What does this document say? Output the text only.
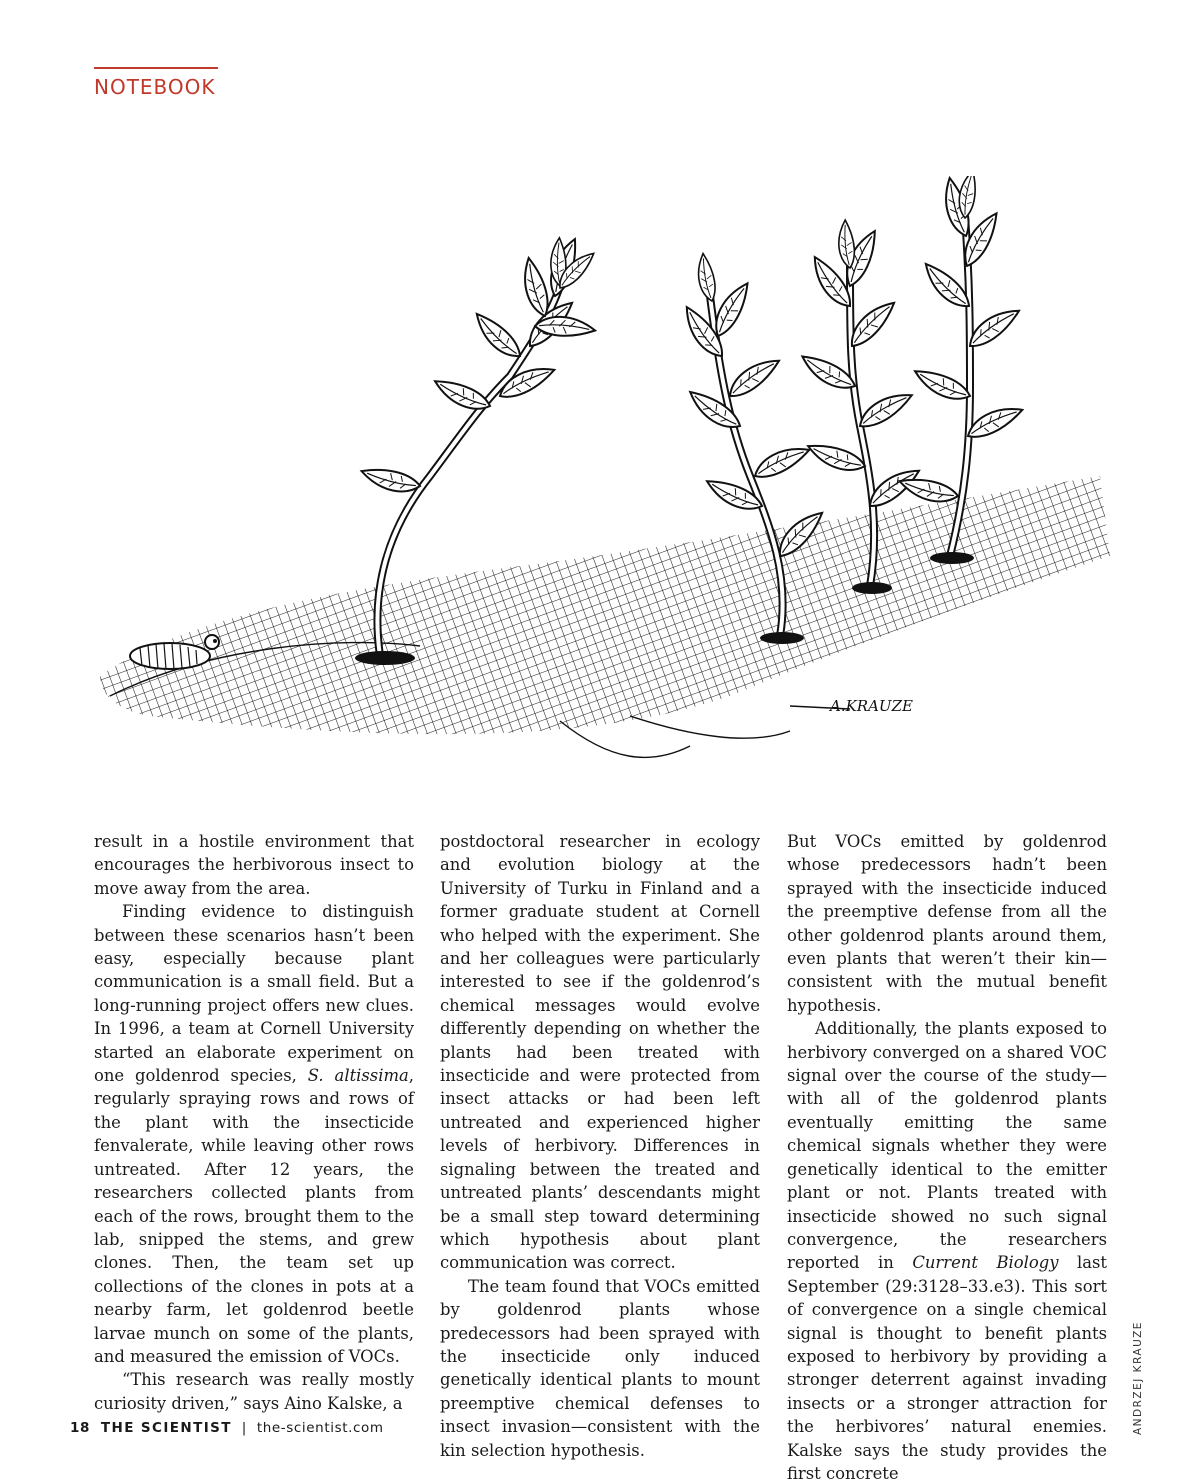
NOTEBOOK
A.KRAUZE

result in a hostile environment that encourages the herbivorous insect to move away from the area.

Finding evidence to distinguish between these scenarios hasn’t been easy, especially because plant communication is a small field. But a long-running project offers new clues. In 1996, a team at Cornell University started an elaborate experiment on one goldenrod species, S. altissima, regularly spraying rows and rows of the plant with the insecticide fenvalerate, while leaving other rows untreated. After 12 years, the researchers collected plants from each of the rows, brought them to the lab, snipped the stems, and grew clones. Then, the team set up collections of the clones in pots at a nearby farm, let goldenrod beetle larvae munch on some of the plants, and measured the emission of VOCs.

“This research was really mostly curiosity driven,” says Aino Kalske, a

postdoctoral researcher in ecology and evolution biology at the University of Turku in Finland and a former graduate student at Cornell who helped with the experiment. She and her colleagues were particularly interested to see if the goldenrod’s chemical messages would evolve differently depending on whether the plants had been treated with insecticide and were protected from insect attacks or had been left untreated and experienced higher levels of herbivory. Differences in signaling between the treated and untreated plants’ descendants might be a small step toward determining which hypothesis about plant communication was correct.

The team found that VOCs emitted by goldenrod plants whose predecessors had been sprayed with the insecticide only induced genetically identical plants to mount preemptive chemical defenses to insect invasion—consistent with the kin selection hypothesis.

But VOCs emitted by goldenrod whose predecessors hadn’t been sprayed with the insecticide induced the preemptive defense from all the other goldenrod plants around them, even plants that weren’t their kin—consistent with the mutual benefit hypothesis.

Additionally, the plants exposed to herbivory converged on a shared VOC signal over the course of the study—with all of the goldenrod plants eventually emitting the same chemical signals whether they were genetically identical to the emitter plant or not. Plants treated with insecticide showed no such signal convergence, the researchers reported in Current Biology last September (29:3128–33.e3). This sort of convergence on a single chemical signal is thought to benefit plants exposed to herbivory by providing a stronger deterrent against invading insects or a stronger attraction for the herbivores’ natural enemies. Kalske says the study provides the first concrete

ANDRZEJ KRAUZE
18 THE SCIENTIST | the-scientist.com
